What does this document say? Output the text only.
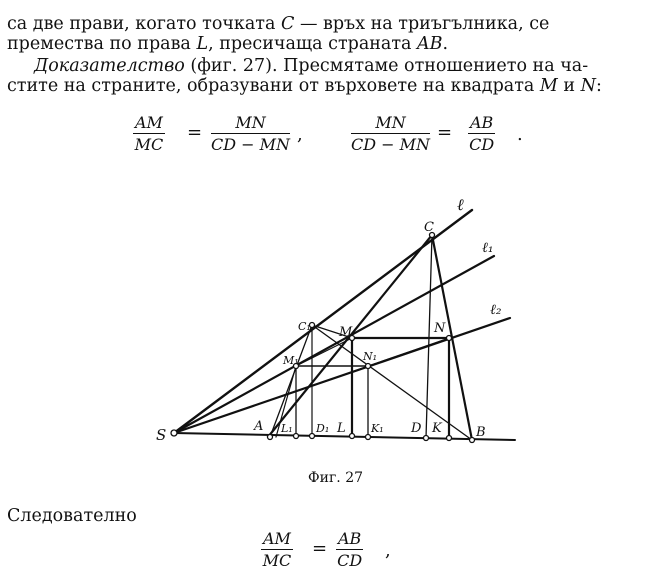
са две прави, когато точката C — връх на триъгълника, се
премества по права L, пресичаща страната AB.
Доказателство (фиг. 27). Пресмятаме отношението на ча-
стите на страните, образувани от върховете на квадрата M и N:
$\frac{AM}{MC} = \frac{MN}{CD - MN}$ ,	$\frac{MN}{CD - MN} = \frac{AB}{CD}$ .
S	A L₁ D₁ L K₁ D K	B
C
C₁ M	N
M₁	N₁
ℓ
ℓ₁
ℓ₂
Фиг. 27
Следователно
$\frac{AM}{MC} = \frac{AB}{CD}$ ,
